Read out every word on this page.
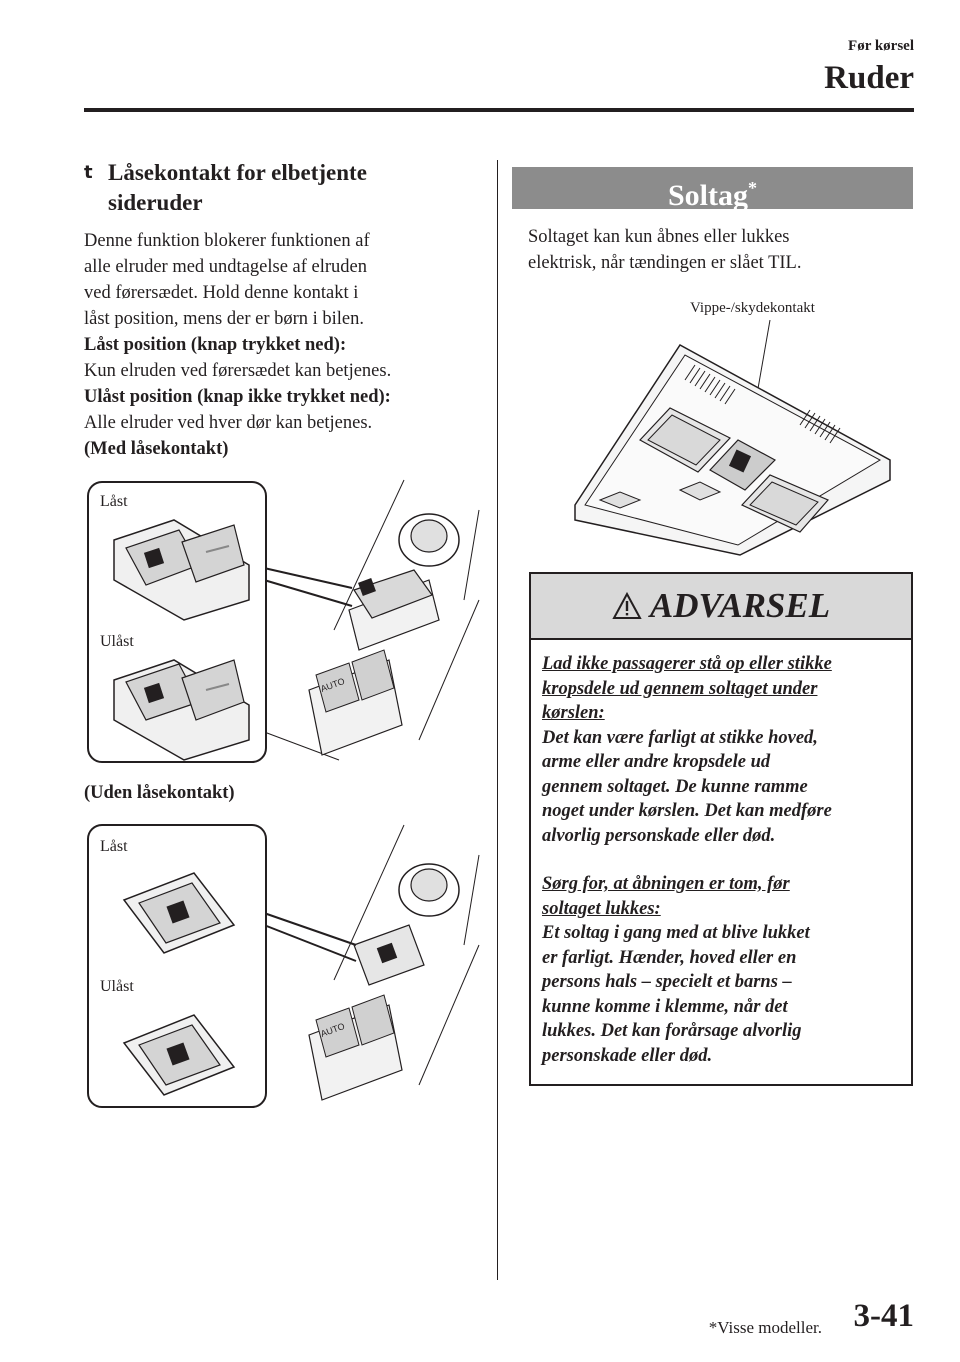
Før kørsel
Ruder
t Låsekontakt for elbetjente
sideruder
Denne funktion blokerer funktionen af
alle elruder med undtagelse af elruden
ved førersædet. Hold denne kontakt i
låst position, mens der er børn i bilen.
Låst position (knap trykket ned):
Kun elruden ved førersædet kan betjenes.
Ulåst position (knap ikke trykket ned):
Alle elruder ved hver dør kan betjenes.
(Med låsekontakt)
AUTO
Låst
Ulåst
(Uden låsekontakt)
AUTO
Låst
Ulåst
Soltag*
Soltaget kan kun åbnes eller lukkes
elektrisk, når tændingen er slået TIL.
Vippe-/skydekontakt
ADVARSEL
Lad ikke passagerer stå op eller stikke
kropsdele ud gennem soltaget under
kørslen:
Det kan være farligt at stikke hoved,
arme eller andre kropsdele ud
gennem soltaget. De kunne ramme
noget under kørslen. Det kan medføre
alvorlig personskade eller død.
Sørg for, at åbningen er tom, før
soltaget lukkes:
Et soltag i gang med at blive lukket
er farligt. Hænder, hoved eller en
persons hals – specielt et barns –
kunne komme i klemme, når det
lukkes. Det kan forårsage alvorlig
personskade eller død.
*Visse modeller. 3-41
